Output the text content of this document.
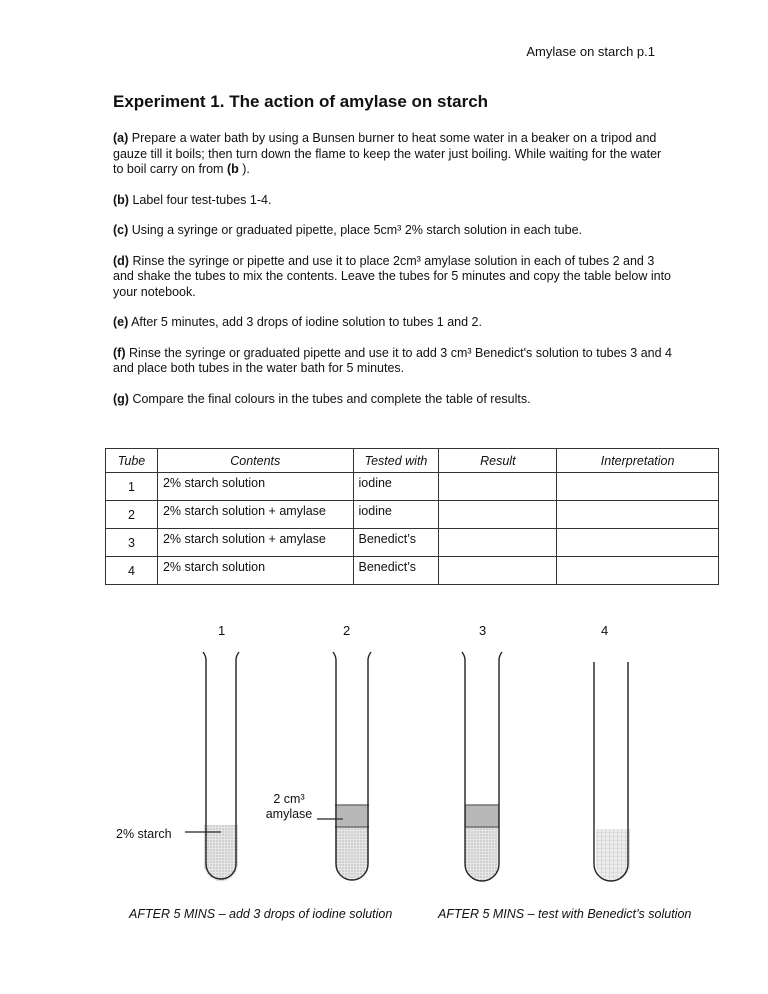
Amylase on starch p.1
Experiment 1. The action of amylase on starch

(a) Prepare a water bath by using a Bunsen burner to heat some water in a beaker on a tripod and gauze till it boils; then turn down the flame to keep the water just boiling. While waiting for the water to boil carry on from (b ).

(b) Label four test-tubes 1-4.

(c) Using a syringe or graduated pipette, place 5cm³ 2% starch solution in each tube.

(d) Rinse the syringe or pipette and use it to place 2cm³ amylase solution in each of tubes 2 and 3 and shake the tubes to mix the contents. Leave the tubes for 5 minutes and copy the table below into your notebook.

(e) After 5 minutes, add 3 drops of iodine solution to tubes 1 and 2.

(f) Rinse the syringe or graduated pipette and use it to add 3 cm³ Benedict's solution to tubes 3 and 4 and place both tubes in the water bath for 5 minutes.

(g) Compare the final colours in the tubes and complete the table of results.

Tube	Contents	Tested with	Result	Interpretation
1	2% starch solution	iodine		
2	2% starch solution + amylase	iodine		
3	2% starch solution + amylase	Benedict’s		
4	2% starch solution	Benedict’s		
1	2	3	4
2% starch
2 cm³
amylase
AFTER 5 MINS – add 3 drops of iodine solution	AFTER 5 MINS – test with Benedict’s solution
